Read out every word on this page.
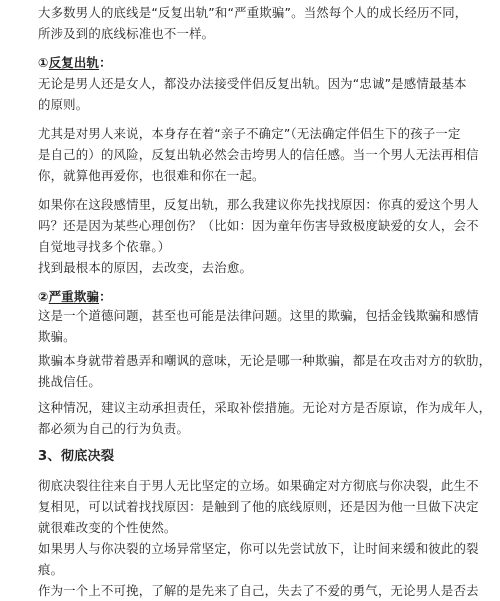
大多数男人的底线是“反复出轨”和“严重欺骗”。当然每个人的成长经历不同，
所涉及到的底线标准也不一样。
①反复出轨：
无论是男人还是女人，都没办法接受伴侣反复出轨。因为“忠诚”是感情最基本
的原则。
尤其是对男人来说，本身存在着“亲子不确定”（无法确定伴侣生下的孩子一定
是自己的）的风险，反复出轨必然会击垮男人的信任感。当一个男人无法再相信
你，就算他再爱你，也很难和你在一起。
如果你在这段感情里，反复出轨，那么我建议你先找找原因：你真的爱这个男人
吗？还是因为某些心理创伤？（比如：因为童年伤害导致极度缺爱的女人，会不
自觉地寻找多个依靠。）
找到最根本的原因，去改变，去治愈。
②严重欺骗：
这是一个道德问题，甚至也可能是法律问题。这里的欺骗，包括金钱欺骗和感情
欺骗。
欺骗本身就带着愚弄和嘲讽的意味，无论是哪一种欺骗，都是在攻击对方的软肋，
挑战信任。
这种情况，建议主动承担责任，采取补偿措施。无论对方是否原谅，作为成年人，
都必须为自己的行为负责。
3、彻底决裂
彻底决裂往往来自于男人无比坚定的立场。如果确定对方彻底与你决裂，此生不
复相见，可以试着找找原因：是触到了他的底线原则，还是因为他一旦做下决定
就很难改变的个性使然。
如果男人与你决裂的立场异常坚定，你可以先尝试放下，让时间来缓和彼此的裂
痕。
作为一个上不可挽，了解的是先来了自己，失去了不爱的勇气，无论男人是否去
